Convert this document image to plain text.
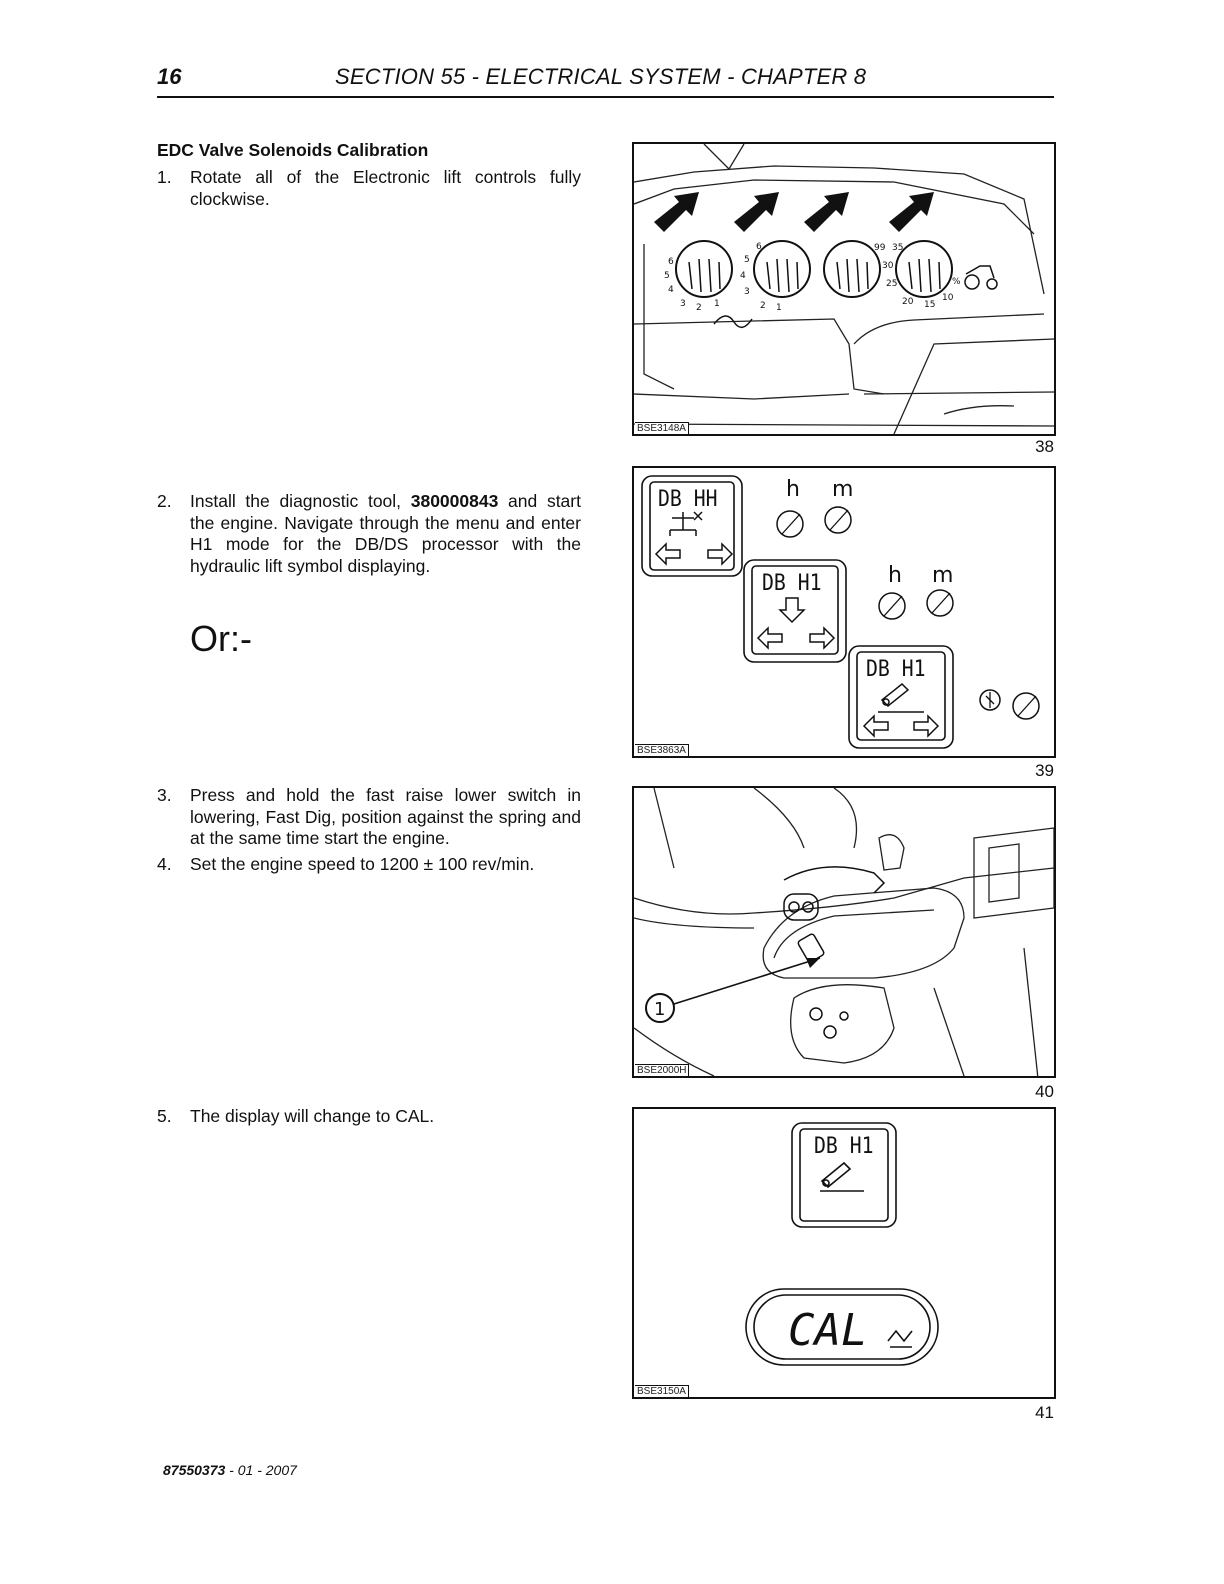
16	SECTION 55 - ELECTRICAL SYSTEM - CHAPTER 8
EDC Valve Solenoids Calibration
1. Rotate all of the Electronic lift controls fully clockwise.
2. Install the diagnostic tool, 380000843 and start the engine. Navigate through the menu and enter H1 mode for the DB/DS processor with the hydraulic lift symbol displaying.
Or:-
3. Press and hold the fast raise lower switch in lowering, Fast Dig, position against the spring and at the same time start the engine.
4. Set the engine speed to 1200 ± 100 rev/min.
5. The display will change to CAL.
6
5
4
3 2 1
6
5
4
3
2 1
99 35
30
25
20 15
10
%
BSE3148A
38
DB HH
DB H1
DB H1
h m
h m
BSE3863A
39
1
BSE2000H
40
DB H1
CAL
BSE3150A
41
87550373 - 01 - 2007
